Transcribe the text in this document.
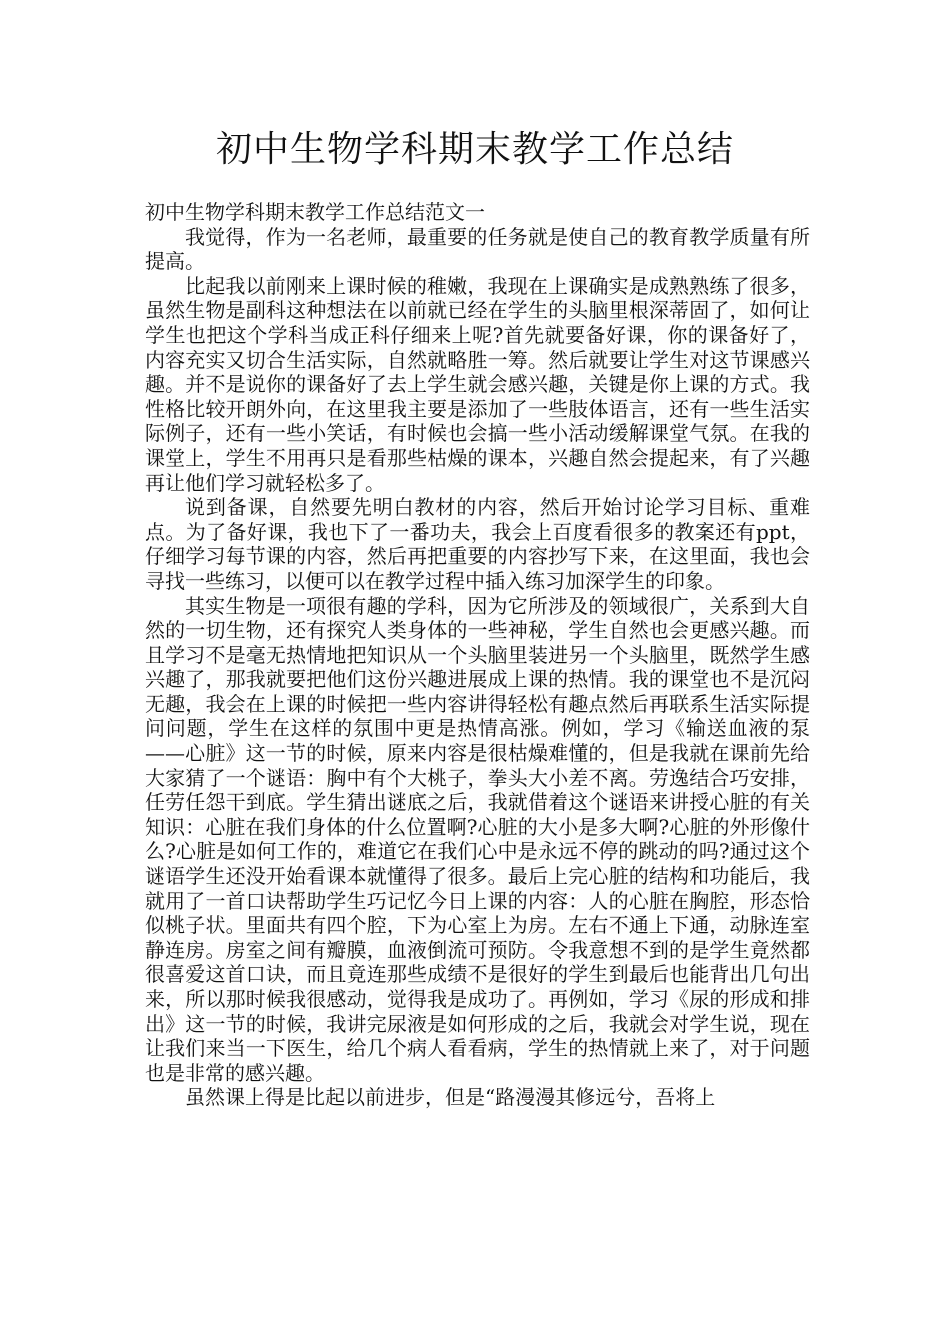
初中生物学科期末教学工作总结

初中生物学科期末教学工作总结范文一

我觉得，作为一名老师，最重要的任务就是使自己的教育教学质量有所提高。

比起我以前刚来上课时候的稚嫩，我现在上课确实是成熟熟练了很多，虽然生物是副科这种想法在以前就已经在学生的头脑里根深蒂固了，如何让学生也把这个学科当成正科仔细来上呢?首先就要备好课，你的课备好了，内容充实又切合生活实际，自然就略胜一筹。然后就要让学生对这节课感兴趣。并不是说你的课备好了去上学生就会感兴趣，关键是你上课的方式。我性格比较开朗外向，在这里我主要是添加了一些肢体语言，还有一些生活实际例子，还有一些小笑话，有时候也会搞一些小活动缓解课堂气氛。在我的课堂上，学生不用再只是看那些枯燥的课本，兴趣自然会提起来，有了兴趣再让他们学习就轻松多了。

说到备课，自然要先明白教材的内容，然后开始讨论学习目标、重难点。为了备好课，我也下了一番功夫，我会上百度看很多的教案还有ppt，仔细学习每节课的内容，然后再把重要的内容抄写下来，在这里面，我也会寻找一些练习，以便可以在教学过程中插入练习加深学生的印象。

其实生物是一项很有趣的学科，因为它所涉及的领域很广，关系到大自然的一切生物，还有探究人类身体的一些神秘，学生自然也会更感兴趣。而且学习不是毫无热情地把知识从一个头脑里装进另一个头脑里，既然学生感兴趣了，那我就要把他们这份兴趣进展成上课的热情。我的课堂也不是沉闷无趣，我会在上课的时候把一些内容讲得轻松有趣点然后再联系生活实际提问问题，学生在这样的氛围中更是热情高涨。例如，学习《输送血液的泵——心脏》这一节的时候，原来内容是很枯燥难懂的，但是我就在课前先给大家猜了一个谜语：胸中有个大桃子，拳头大小差不离。劳逸结合巧安排，任劳任怨干到底。学生猜出谜底之后，我就借着这个谜语来讲授心脏的有关知识：心脏在我们身体的什么位置啊?心脏的大小是多大啊?心脏的外形像什么?心脏是如何工作的，难道它在我们心中是永远不停的跳动的吗?通过这个谜语学生还没开始看课本就懂得了很多。最后上完心脏的结构和功能后，我就用了一首口诀帮助学生巧记忆今日上课的内容：人的心脏在胸腔，形态恰似桃子状。里面共有四个腔，下为心室上为房。左右不通上下通，动脉连室静连房。房室之间有瓣膜，血液倒流可预防。令我意想不到的是学生竟然都很喜爱这首口诀，而且竟连那些成绩不是很好的学生到最后也能背出几句出来，所以那时候我很感动，觉得我是成功了。再例如，学习《尿的形成和排出》这一节的时候，我讲完尿液是如何形成的之后，我就会对学生说，现在让我们来当一下医生，给几个病人看看病，学生的热情就上来了，对于问题也是非常的感兴趣。

虽然课上得是比起以前进步，但是“路漫漫其修远兮，吾将上
